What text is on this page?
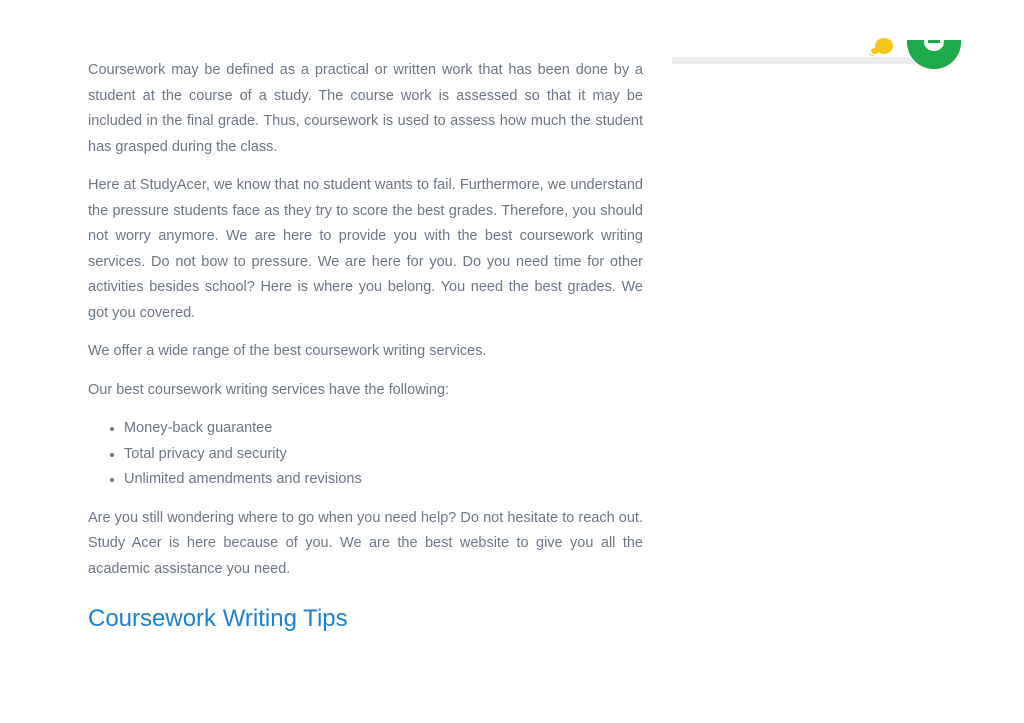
Coursework may be defined as a practical or written work that has been done by a student at the course of a study. The course work is assessed so that it may be included in the final grade. Thus, coursework is used to assess how much the student has grasped during the class.

Here at StudyAcer, we know that no student wants to fail. Furthermore, we understand the pressure students face as they try to score the best grades. Therefore, you should not worry anymore. We are here to provide you with the best coursework writing services. Do not bow to pressure. We are here for you. Do you need time for other activities besides school? Here is where you belong. You need the best grades. We got you covered.

We offer a wide range of the best coursework writing services.

Our best coursework writing services have the following:

• Money-back guarantee
• Total privacy and security
• Unlimited amendments and revisions

Are you still wondering where to go when you need help? Do not hesitate to reach out. Study Acer is here because of you. We are the best website to give you all the academic assistance you need.

Coursework Writing Tips
